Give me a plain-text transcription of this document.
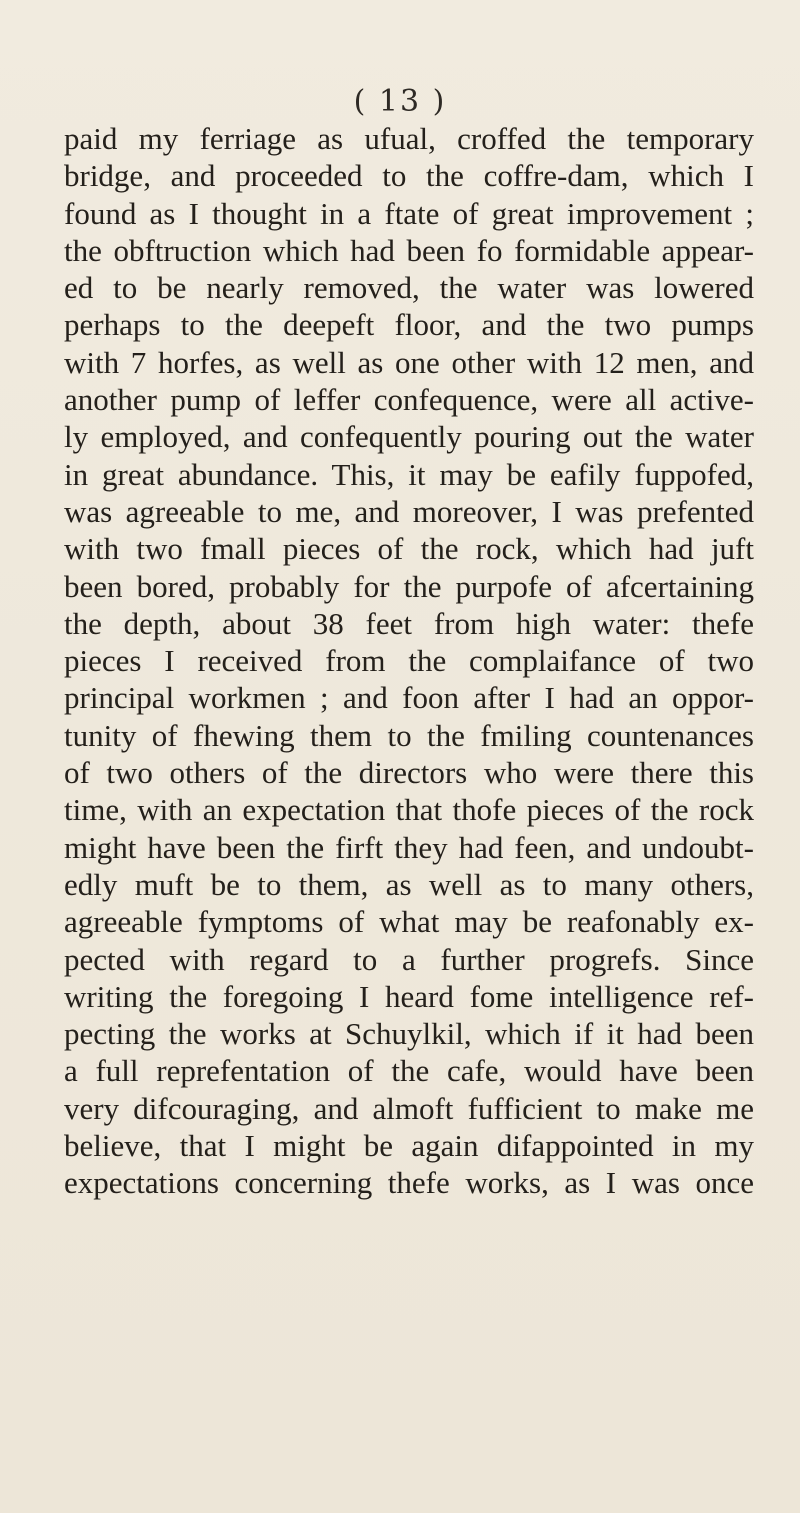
( 13 )
paid my ferriage as ufual, croffed the temporary
bridge, and proceeded to the coffre-dam, which I
found as I thought in a ftate of great improvement ;
the obftruction which had been fo formidable appear-
ed to be nearly removed, the water was lowered
perhaps to the deepeft floor, and the two pumps
with 7 horfes, as well as one other with 12 men, and
another pump of leffer confequence, were all active-
ly employed, and confequently pouring out the water
in great abundance. This, it may be eafily fuppofed,
was agreeable to me, and moreover, I was prefented
with two fmall pieces of the rock, which had juft
been bored, probably for the purpofe of afcertaining
the depth, about 38 feet from high water: thefe
pieces I received from the complaifance of two
principal workmen ; and foon after I had an oppor-
tunity of fhewing them to the fmiling countenances
of two others of the directors who were there this
time, with an expectation that thofe pieces of the rock
might have been the firft they had feen, and undoubt-
edly muft be to them, as well as to many others,
agreeable fymptoms of what may be reafonably ex-
pected with regard to a further progrefs. Since
writing the foregoing I heard fome intelligence ref-
pecting the works at Schuylkil, which if it had been
a full reprefentation of the cafe, would have been
very difcouraging, and almoft fufficient to make me
believe, that I might be again difappointed in my
expectations concerning thefe works, as I was once
